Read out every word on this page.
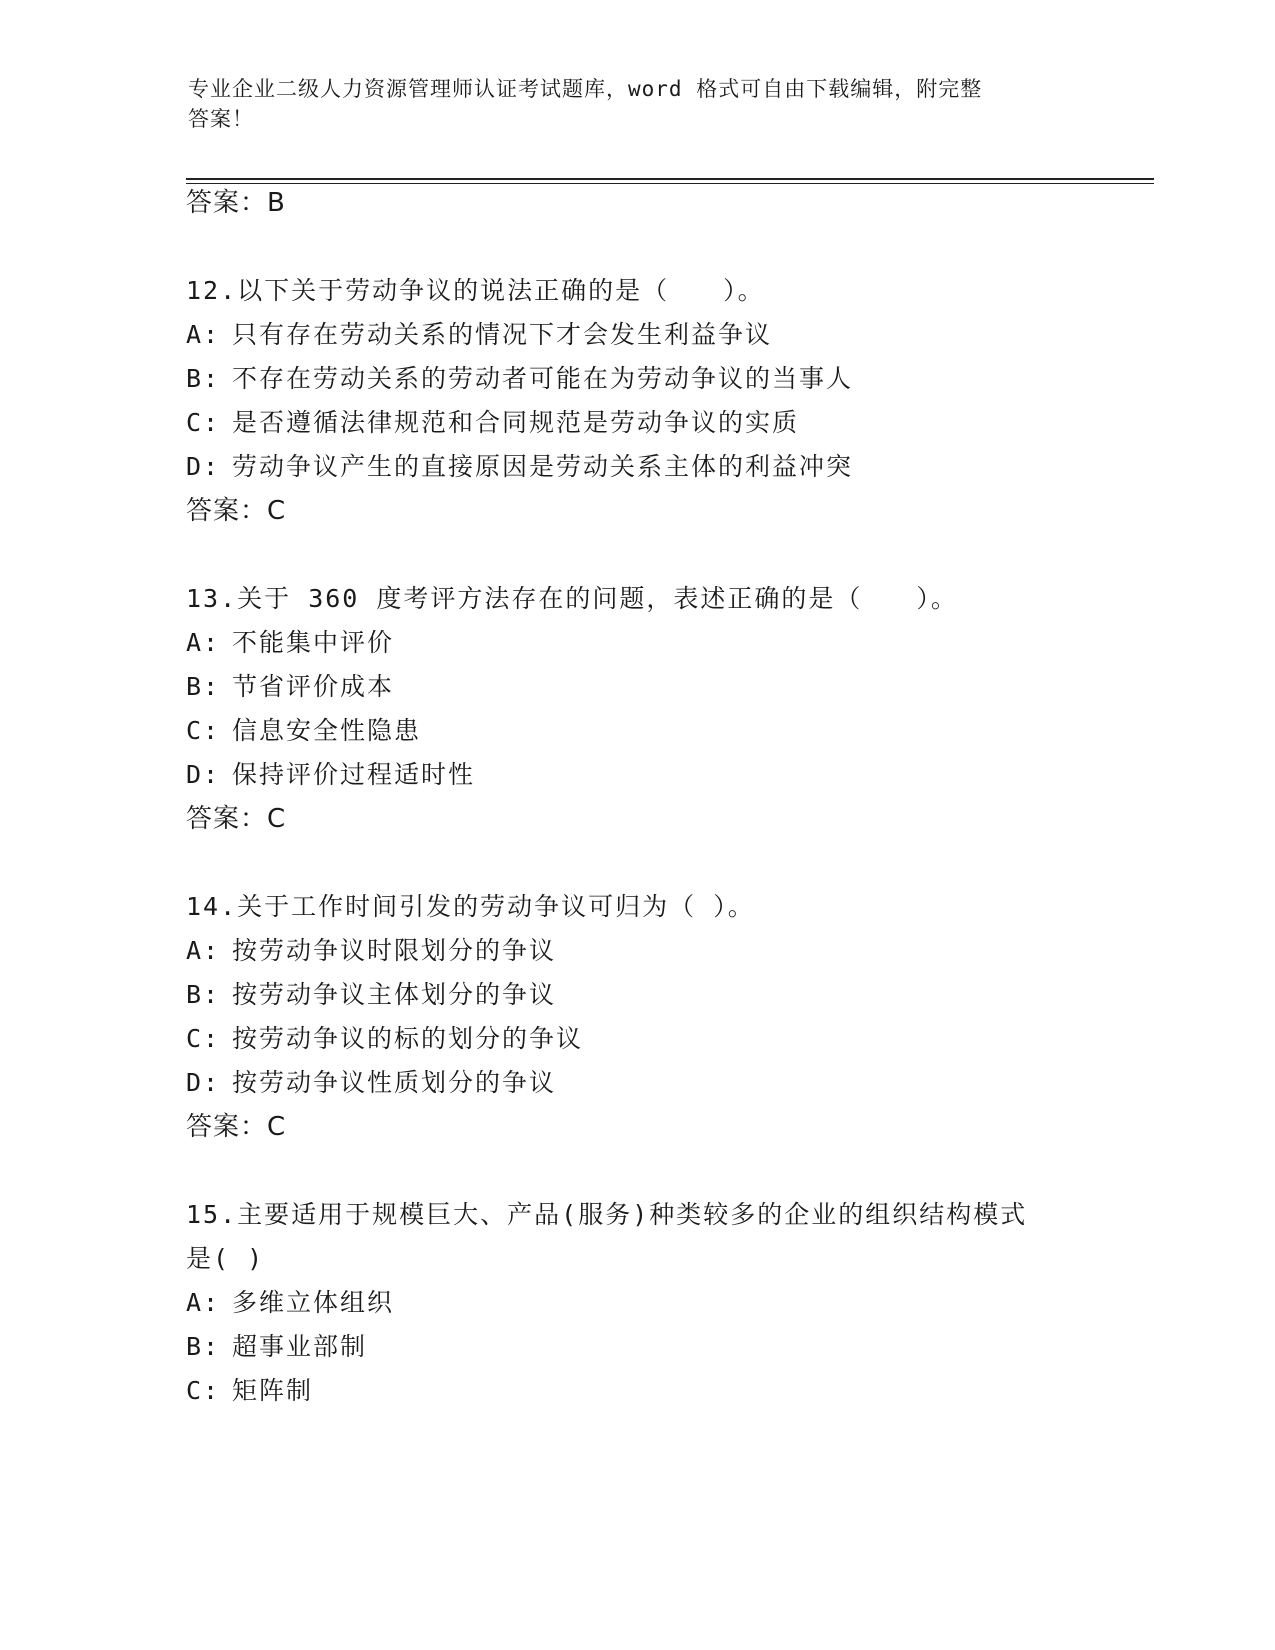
专业企业二级人力资源管理师认证考试题库，word 格式可自由下载编辑，附完整
答案！
答案：B
12.以下关于劳动争议的说法正确的是（　　）。
A: 只有存在劳动关系的情况下才会发生利益争议
B: 不存在劳动关系的劳动者可能在为劳动争议的当事人
C: 是否遵循法律规范和合同规范是劳动争议的实质
D: 劳动争议产生的直接原因是劳动关系主体的利益冲突
答案：C
13.关于 360 度考评方法存在的问题，表述正确的是（　　）。
A: 不能集中评价
B: 节省评价成本
C: 信息安全性隐患
D: 保持评价过程适时性
答案：C
14.关于工作时间引发的劳动争议可归为（ ）。
A: 按劳动争议时限划分的争议
B: 按劳动争议主体划分的争议
C: 按劳动争议的标的划分的争议
D: 按劳动争议性质划分的争议
答案：C
15.主要适用于规模巨大、产品(服务)种类较多的企业的组织结构模式
是( )
A: 多维立体组织
B: 超事业部制
C: 矩阵制
